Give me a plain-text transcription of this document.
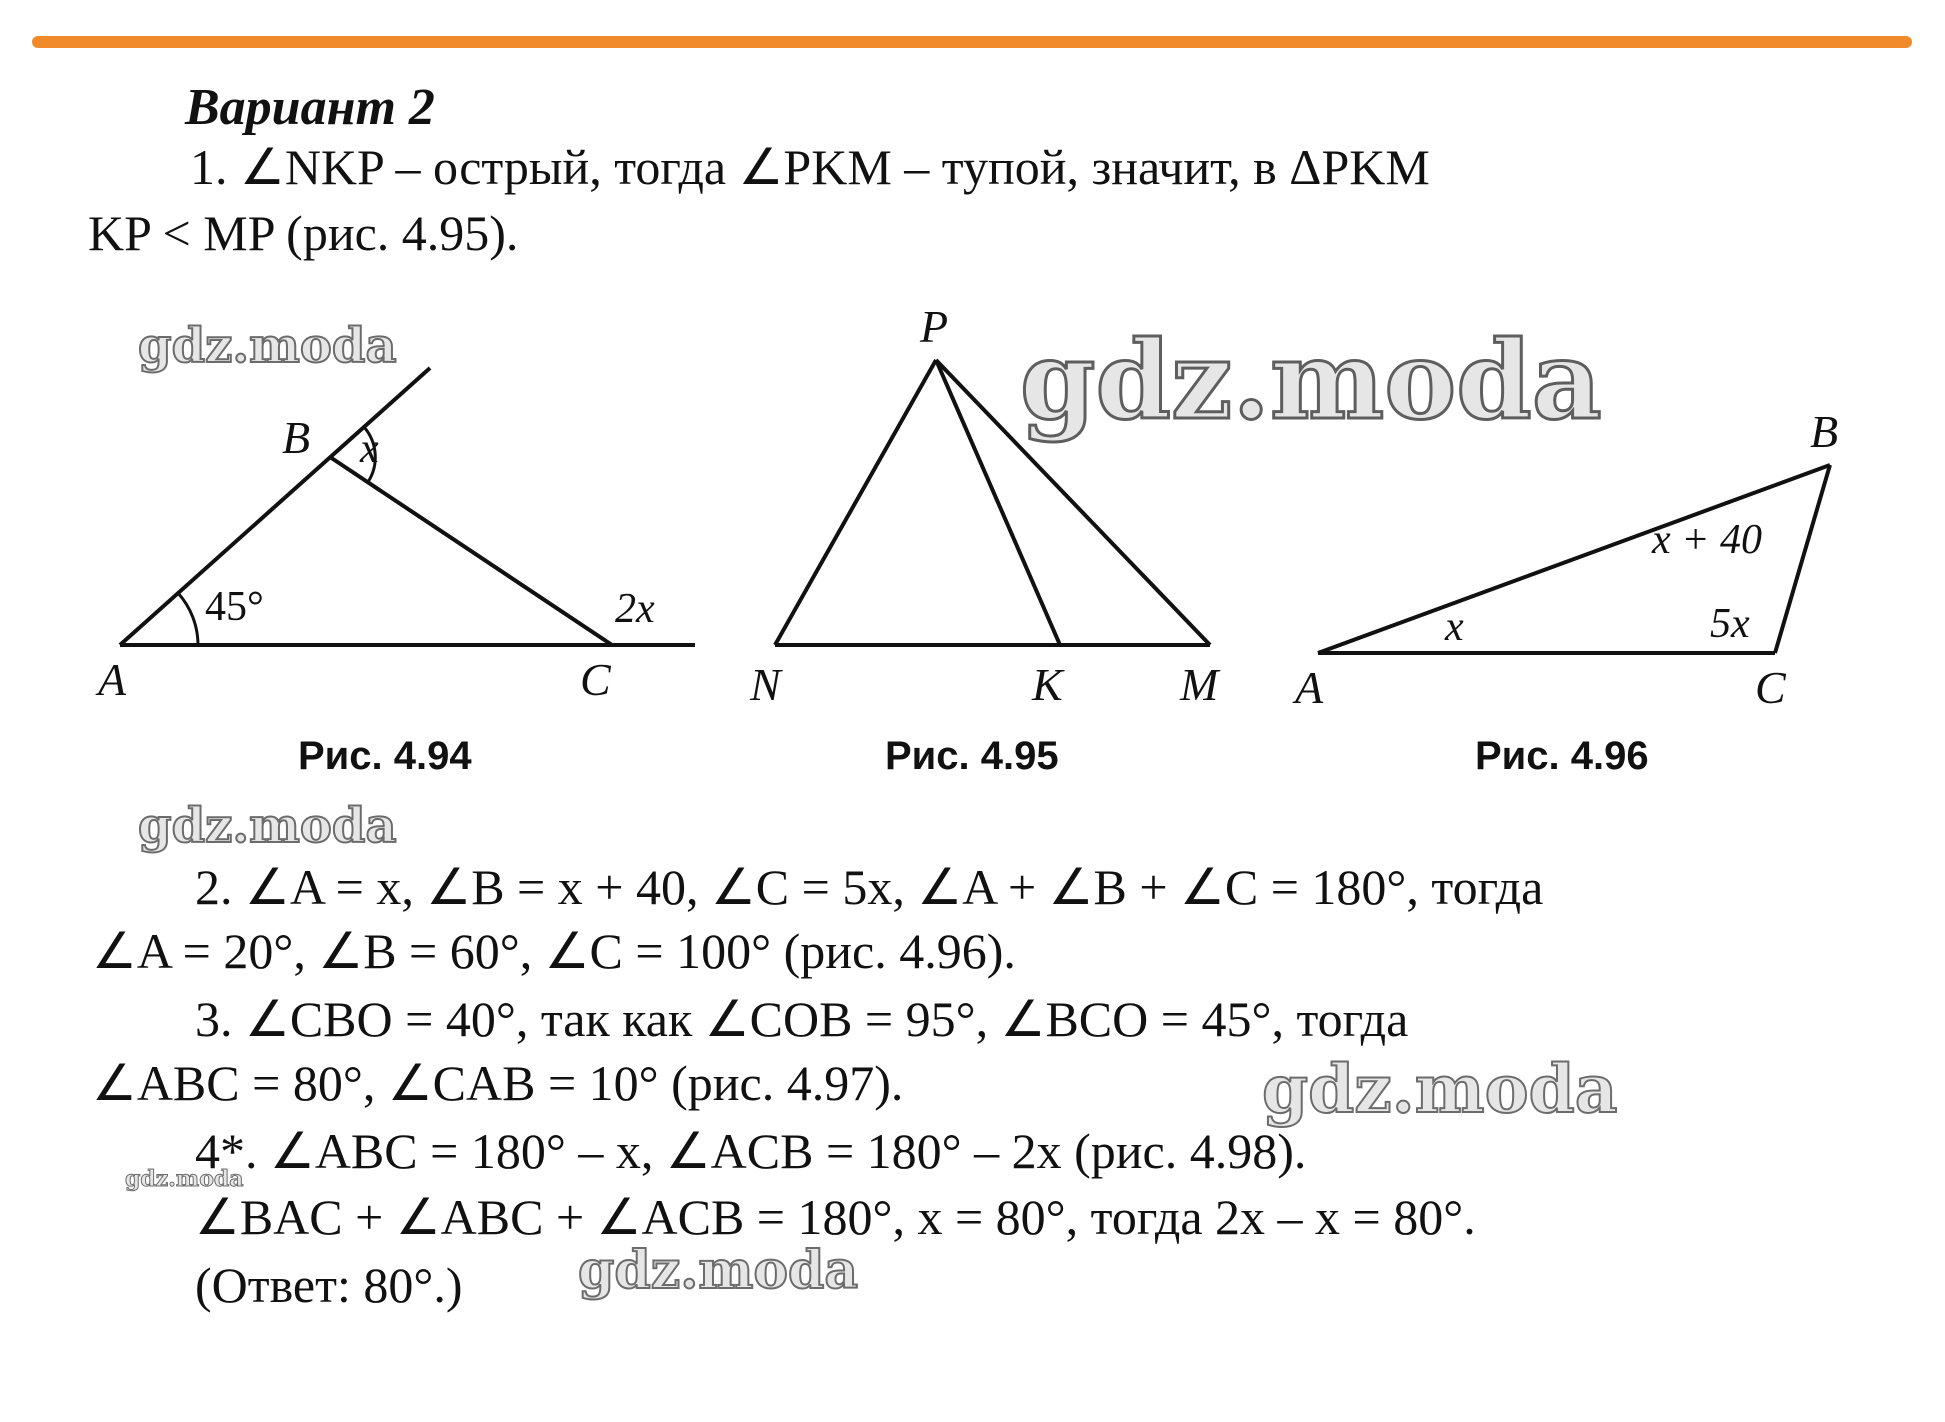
Вариант 2

1. ∠NKP – острый, тогда ∠PKM – тупой, значит, в ΔPKM

KP < MP (рис. 4.95).

A
B
C
45°
x
2x
Рис. 4.94
P
N	K	M
Рис. 4.95
B
A	C
x
x + 40
5x
Рис. 4.96

2. ∠A = x, ∠B = x + 40, ∠C = 5x, ∠A + ∠B + ∠C = 180°, тогда

∠A = 20°, ∠B = 60°, ∠C = 100° (рис. 4.96).

3. ∠CBO = 40°, так как ∠COB = 95°, ∠BCO = 45°, тогда

∠ABC = 80°, ∠CAB = 10° (рис. 4.97).

4*. ∠ABC = 180° – x, ∠ACB = 180° – 2x (рис. 4.98).

∠BAC + ∠ABC + ∠ACB = 180°, x = 80°, тогда 2x – x = 80°.

(Ответ: 80°.)

gdz.moda	gdz.moda
gdz.moda
gdz.moda
gdz.moda
gdz.moda
